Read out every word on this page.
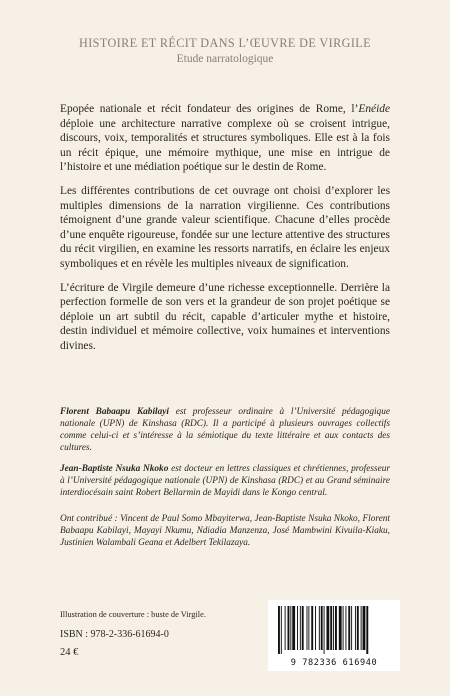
HISTOIRE ET RÉCIT DANS L’ŒUVRE DE VIRGILE
Etude narratologique

Epopée nationale et récit fondateur des origines de Rome, l’Enéide déploie une architecture narrative complexe où se croisent intrigue, discours, voix, temporalités et structures symboliques. Elle est à la fois un récit épique, une mémoire mythique, une mise en intrigue de l’histoire et une médiation poétique sur le destin de Rome.

Les différentes contributions de cet ouvrage ont choisi d’explorer les multiples dimensions de la narration virgilienne. Ces contributions témoignent d’une grande valeur scientifique. Chacune d’elles procède d’une enquête rigoureuse, fondée sur une lecture attentive des structures du récit virgilien, en examine les ressorts narratifs, en éclaire les enjeux symboliques et en révèle les multiples niveaux de signification.

L’écriture de Virgile demeure d’une richesse exceptionnelle. Derrière la perfection formelle de son vers et la grandeur de son projet poétique se déploie un art subtil du récit, capable d’articuler mythe et histoire, destin individuel et mémoire collective, voix humaines et interventions divines.

Florent Babaapu Kabilayi est professeur ordinaire à l’Université pédagogique nationale (UPN) de Kinshasa (RDC). Il a participé à plusieurs ouvrages collectifs comme celui-ci et s’intéresse à la sémiotique du texte littéraire et aux contacts des cultures.

Jean-Baptiste Nsuka Nkoko est docteur en lettres classiques et chrétiennes, professeur à l’Université pédagogique nationale (UPN) de Kinshasa (RDC) et au Grand séminaire interdiocésain saint Robert Bellarmin de Mayidi dans le Kongo central.

Ont contribué : Vincent de Paul Somo Mbayiterwa, Jean-Baptiste Nsuka Nkoko, Florent Babaapu Kabilayi, Mayayi Nkumu, Ndiadia Manzenza, José Mambwini Kivuila-Kiaku, Justinien Walambali Geana et Adelbert Tekilazaya.

Illustration de couverture : buste de Virgile.
ISBN : 978-2-336-61694-0
24 €
9 782336 616940
